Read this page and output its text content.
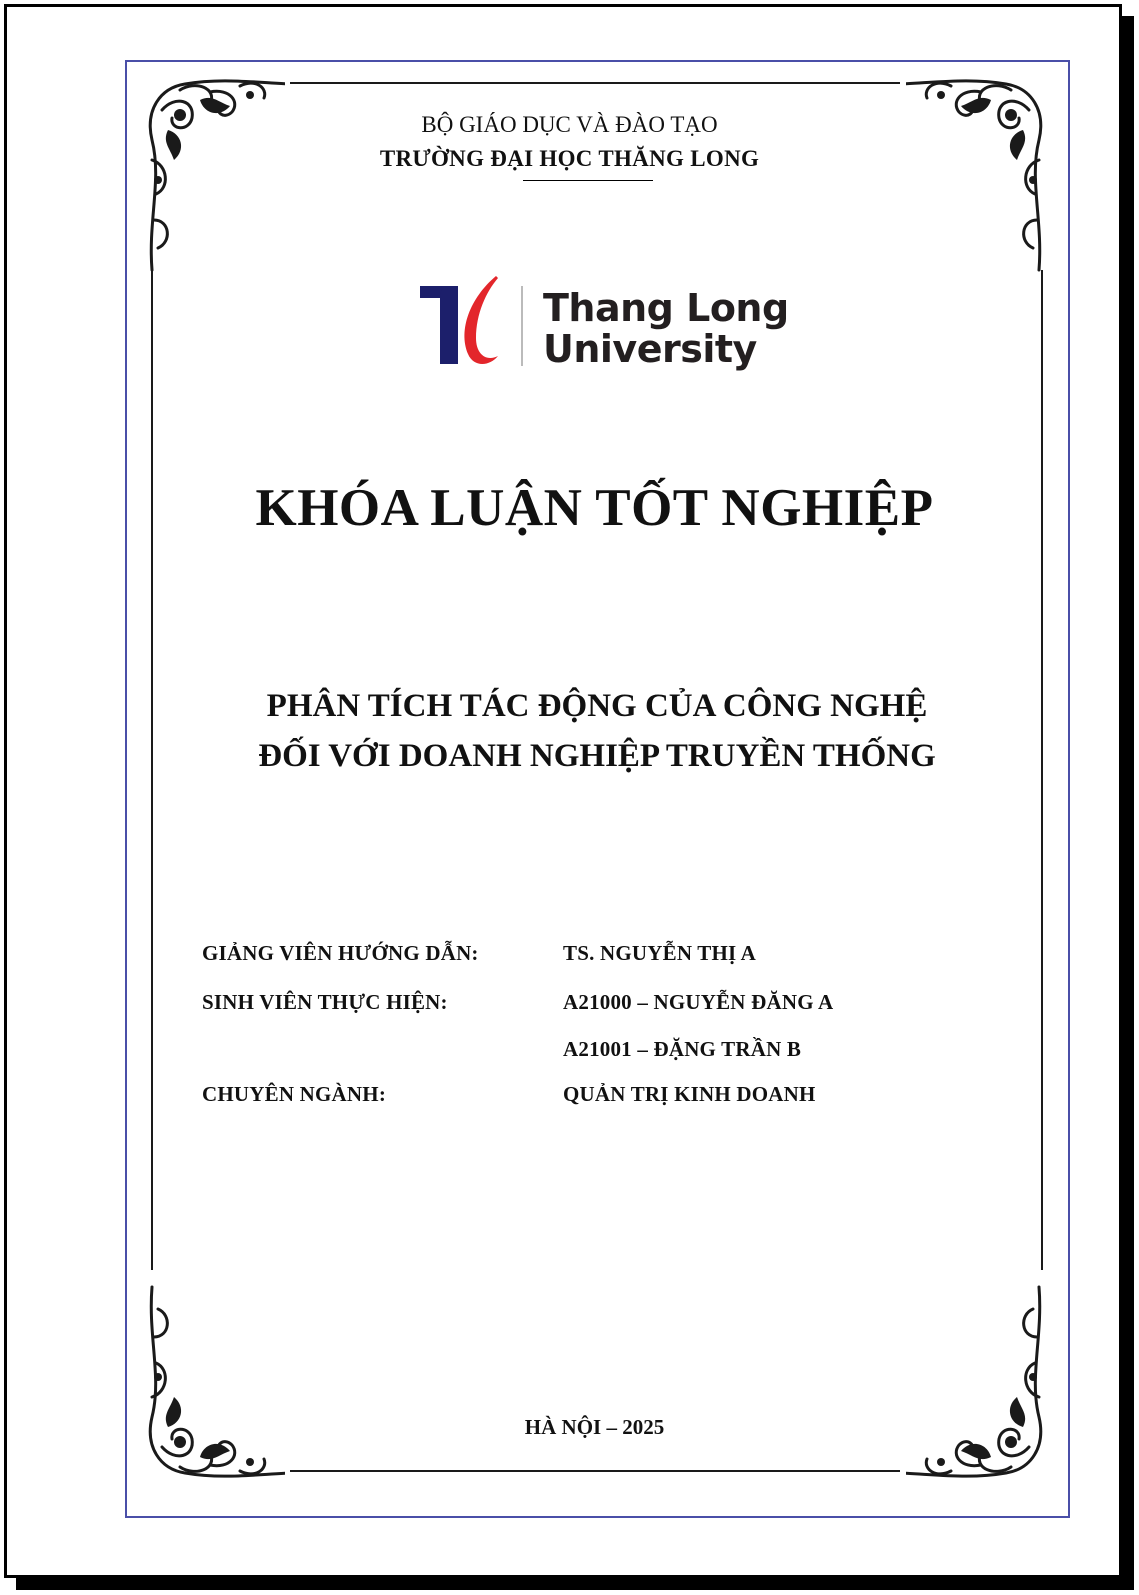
BỘ GIÁO DỤC VÀ ĐÀO TẠO
TRƯỜNG ĐẠI HỌC THĂNG LONG
Thang Long
University
KHÓA LUẬN TỐT NGHIỆP
PHÂN TÍCH TÁC ĐỘNG CỦA CÔNG NGHỆ
ĐỐI VỚI DOANH NGHIỆP TRUYỀN THỐNG
GIẢNG VIÊN HƯỚNG DẪN:	TS. NGUYỄN THỊ A
SINH VIÊN THỰC HIỆN:	A21000 – NGUYỄN ĐĂNG A
A21001 – ĐẶNG TRẦN B
CHUYÊN NGÀNH:	QUẢN TRỊ KINH DOANH
HÀ NỘI – 2025
